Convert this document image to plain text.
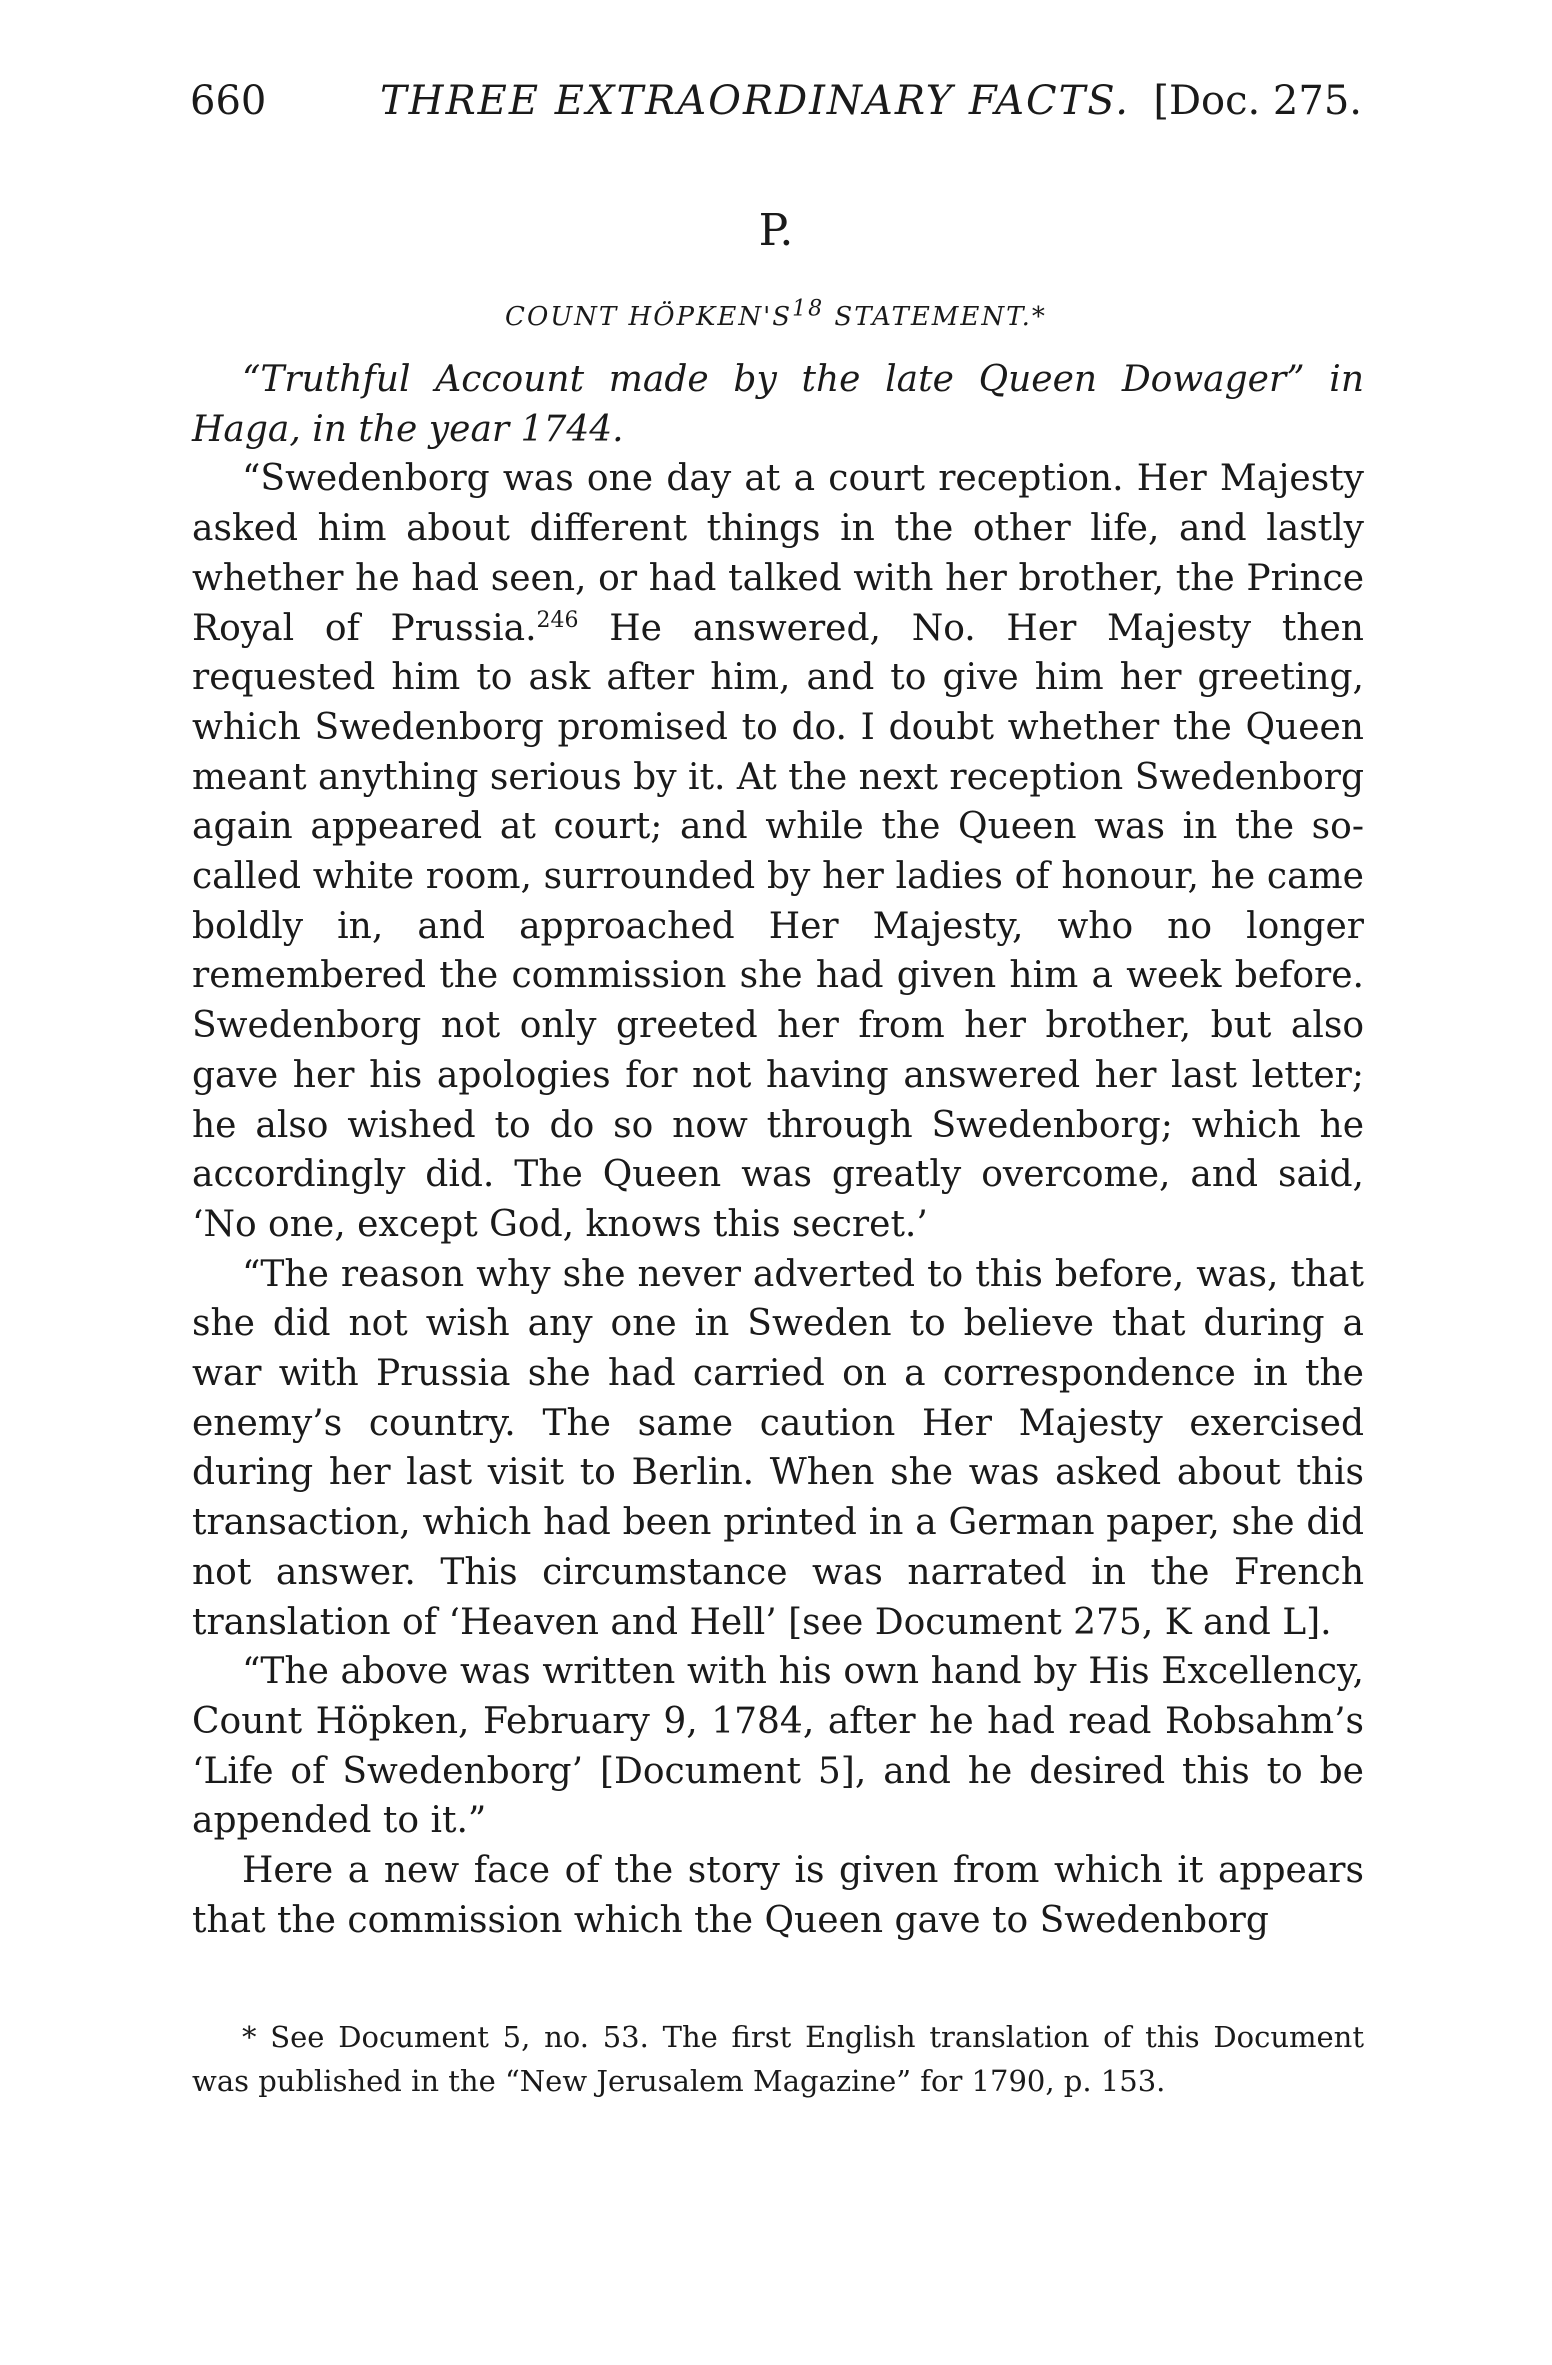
660	THREE EXTRAORDINARY FACTS. [Doc. 275.
P.
COUNT $HÖPKEN'S^{18}$ STATEMENT.*

“Truthful Account made by the late Queen Dowager” in Haga, in the year 1744.

“Swedenborg was one day at a court reception. Her Majesty asked him about different things in the other life, and lastly whether he had seen, or had talked with her brother, the Prince Royal of Prussia.$^{246}$ He answered, No. Her Majesty then requested him to ask after him, and to give him her greeting, which Swedenborg promised to do. I doubt whether the Queen meant anything serious by it. At the next reception Swedenborg again appeared at court; and while the Queen was in the so-called white room, surrounded by her ladies of honour, he came boldly in, and approached Her Majesty, who no longer remembered the commission she had given him a week before. Swedenborg not only greeted her from her brother, but also gave her his apologies for not having answered her last letter; he also wished to do so now through Swedenborg; which he accordingly did. The Queen was greatly overcome, and said, ‘No one, except God, knows this secret.’

“The reason why she never adverted to this before, was, that she did not wish any one in Sweden to believe that during a war with Prussia she had carried on a correspondence in the enemy’s country. The same caution Her Majesty exercised during her last visit to Berlin. When she was asked about this transaction, which had been printed in a German paper, she did not answer. This circumstance was narrated in the French translation of ‘Heaven and Hell’ [see Document 275, K and L].

“The above was written with his own hand by His Excellency, Count Höpken, February 9, 1784, after he had read Robsahm’s ‘Life of Swedenborg’ [Document 5], and he desired this to be appended to it.”

Here a new face of the story is given from which it appears that the commission which the Queen gave to Swedenborg

* See Document 5, no. 53. The first English translation of this Document was published in the “New Jerusalem Magazine” for 1790, p. 153.
